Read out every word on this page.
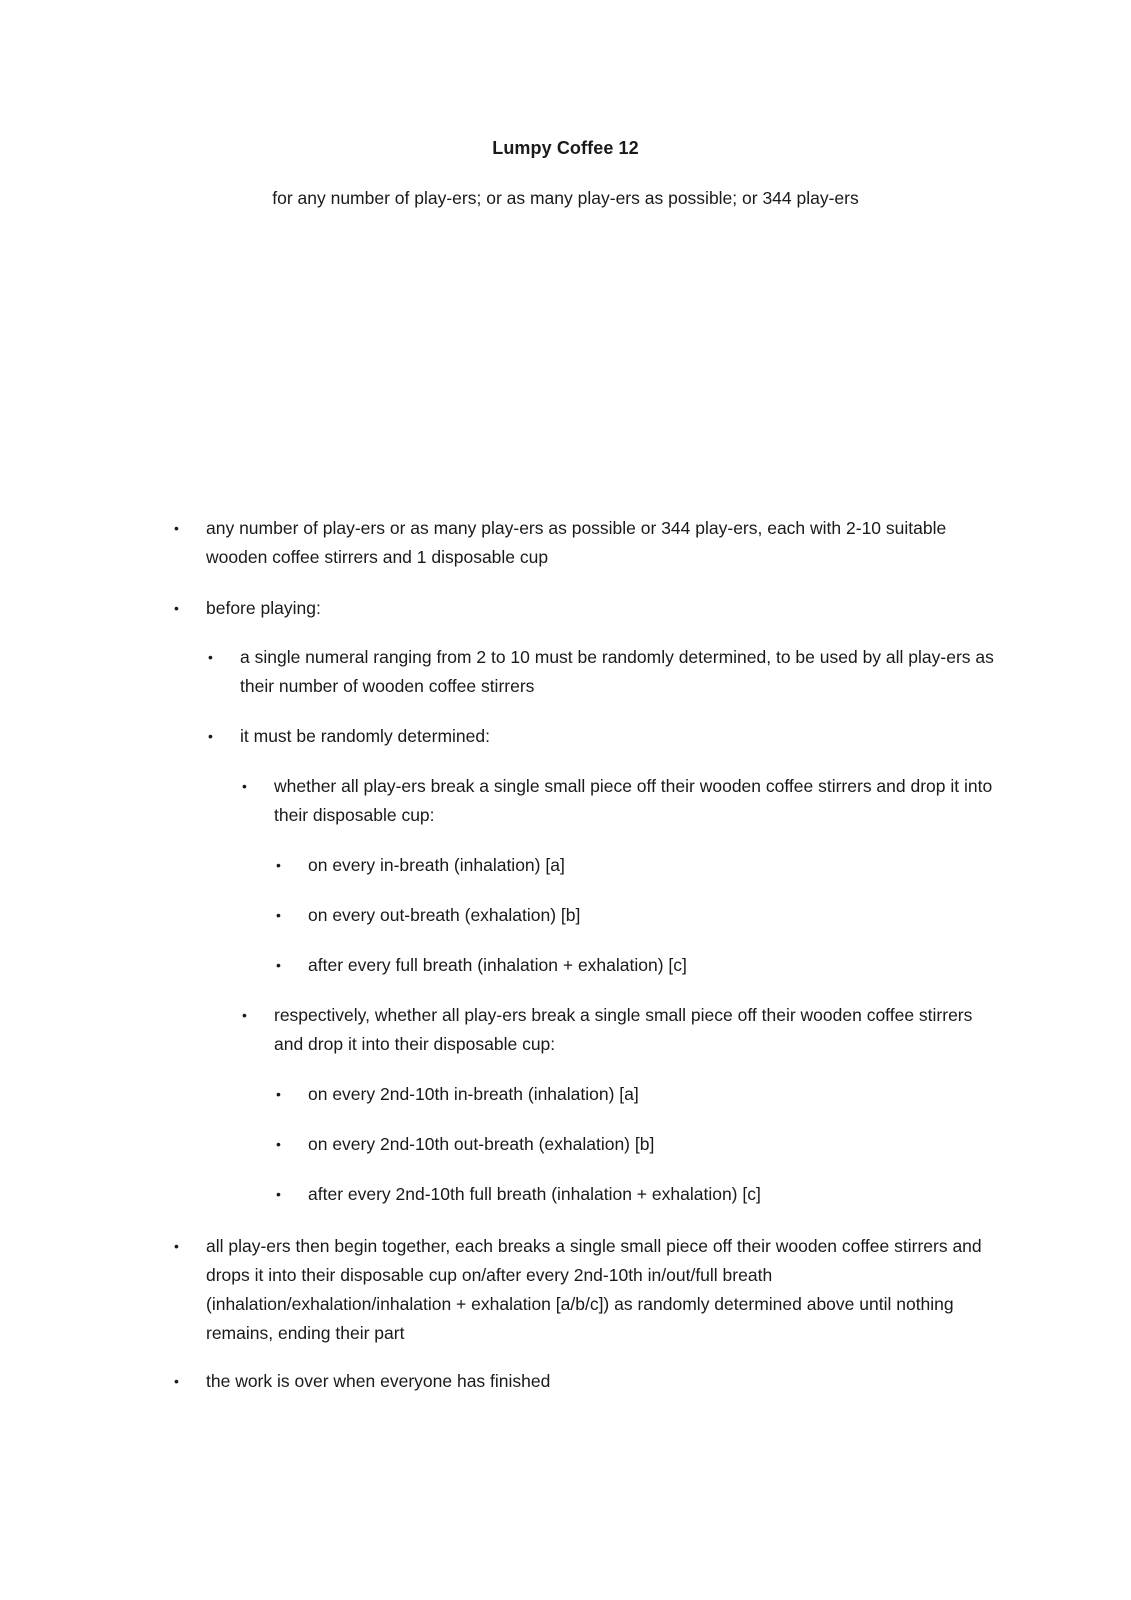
Lumpy Coffee 12
for any number of play-ers; or as many play-ers as possible; or 344 play-ers
• any number of play-ers or as many play-ers as possible or 344 play-ers, each with 2-10 suitable wooden coffee stirrers and 1 disposable cup
• before playing:
• a single numeral ranging from 2 to 10 must be randomly determined, to be used by all play-ers as their number of wooden coffee stirrers
• it must be randomly determined:
• whether all play-ers break a single small piece off their wooden coffee stirrers and drop it into their disposable cup:
• on every in-breath (inhalation) [a]
• on every out-breath (exhalation) [b]
• after every full breath (inhalation + exhalation) [c]
• respectively, whether all play-ers break a single small piece off their wooden coffee stirrers and drop it into their disposable cup:
• on every 2nd-10th in-breath (inhalation) [a]
• on every 2nd-10th out-breath (exhalation) [b]
• after every 2nd-10th full breath (inhalation + exhalation) [c]
• all play-ers then begin together, each breaks a single small piece off their wooden coffee stirrers and drops it into their disposable cup on/after every 2nd-10th in/out/full breath (inhalation/exhalation/inhalation + exhalation [a/b/c]) as randomly determined above until nothing remains, ending their part
• the work is over when everyone has finished
